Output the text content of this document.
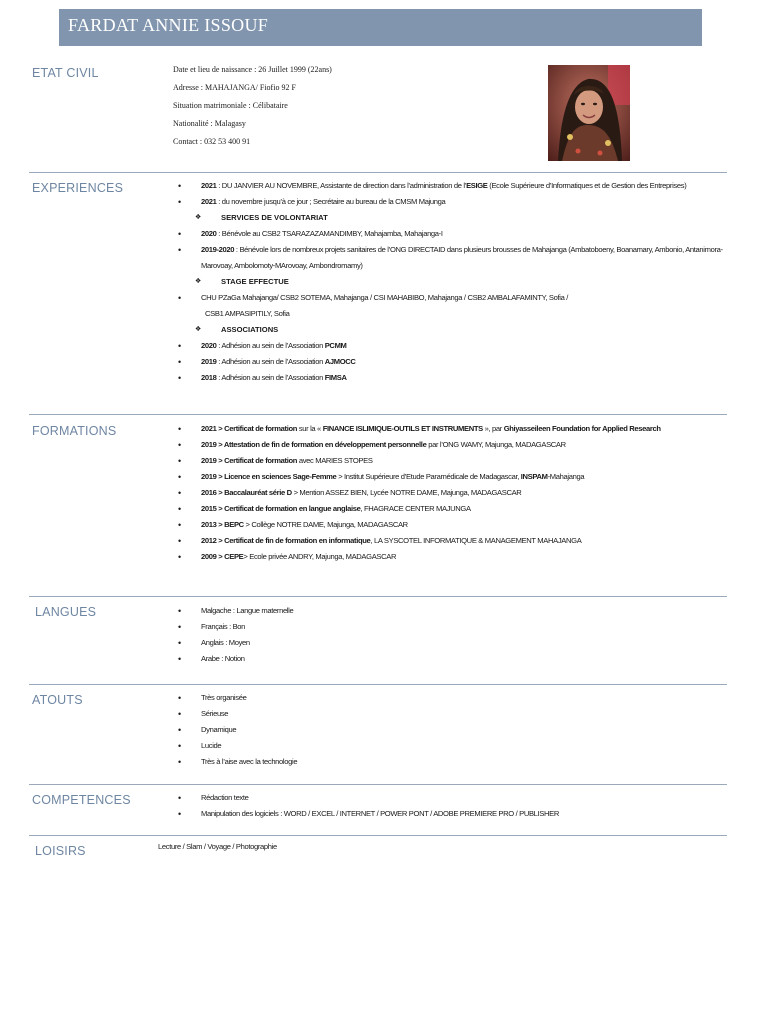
FARDAT ANNIE ISSOUF
ETAT CIVIL	Date et lieu de naissance : 26 Juillet 1999 (22ans)
Adresse : MAHAJANGA/ Fiofio 92 F
Situation matrimoniale : Célibataire
Nationalité : Malagasy
Contact : 032 53 400 91
EXPERIENCES	• 2021 : DU JANVIER AU NOVEMBRE, Assistante de direction dans l’administration de l’ESIGE (Ecole Supérieure d’Informatiques et de Gestion des Entreprises)
• 2021 : du novembre jusqu’à ce jour ; Secrétaire au bureau de la CMSM Majunga
❖ SERVICES DE VOLONTARIAT
• 2020 : Bénévole au CSB2 TSARAZAZAMANDIMBY, Mahajamba, Mahajanga-I
• 2019-2020 : Bénévole lors de nombreux projets sanitaires de l’ONG DIRECTAID dans plusieurs brousses de Mahajanga (Ambatoboeny, Boanamary, Ambonio, Antanimora-Marovoay, Ambolomoty-MArovoay, Ambondromamy)
❖ STAGE EFFECTUE
• CHU PZaGa Mahajanga/ CSB2 SOTEMA, Mahajanga / CSI MAHABIBO, Mahajanga / CSB2 AMBALAFAMINTY, Sofia /
CSB1 AMPASIPITILY, Sofia
❖ ASSOCIATIONS
• 2020 : Adhésion au sein de l’Association PCMM
• 2019 : Adhésion au sein de l’Association AJMOCC
• 2018 : Adhésion au sein de l’Association FIMSA
FORMATIONS	• 2021 > Certificat de formation sur la « FINANCE ISLIMIQUE-OUTILS ET INSTRUMENTS », par Ghiyasseileen Foundation for Applied Research
• 2019 > Attestation de fin de formation en développement personnelle par l’ONG WAMY, Majunga, MADAGASCAR
• 2019 > Certificat de formation avec MARIES STOPES
• 2019 > Licence en sciences Sage-Femme > Institut Supérieure d’Etude Paramédicale de Madagascar, INSPAM-Mahajanga
• 2016 > Baccalauréat série D > Mention ASSEZ BIEN, Lycée NOTRE DAME, Majunga, MADAGASCAR
• 2015 > Certificat de formation en langue anglaise, FHAGRACE CENTER MAJUNGA
• 2013 > BEPC > Collège NOTRE DAME, Majunga, MADAGASCAR
• 2012 > Certificat de fin de formation en informatique, LA SYSCOTEL INFORMATIQUE & MANAGEMENT MAHAJANGA
• 2009 > CEPE> Ecole privée ANDRY, Majunga, MADAGASCAR
LANGUES	• Malgache : Langue maternelle
• Français : Bon
• Anglais : Moyen
• Arabe : Notion
ATOUTS	• Très organisée
• Sérieuse
• Dynamique
• Lucide
• Très à l’aise avec la technologie
COMPETENCES	• Rédaction texte
• Manipulation des logiciels : WORD / EXCEL / INTERNET / POWER PONT / ADOBE PREMIERE PRO / PUBLISHER
LOISIRS	Lecture / Slam / Voyage / Photographie
